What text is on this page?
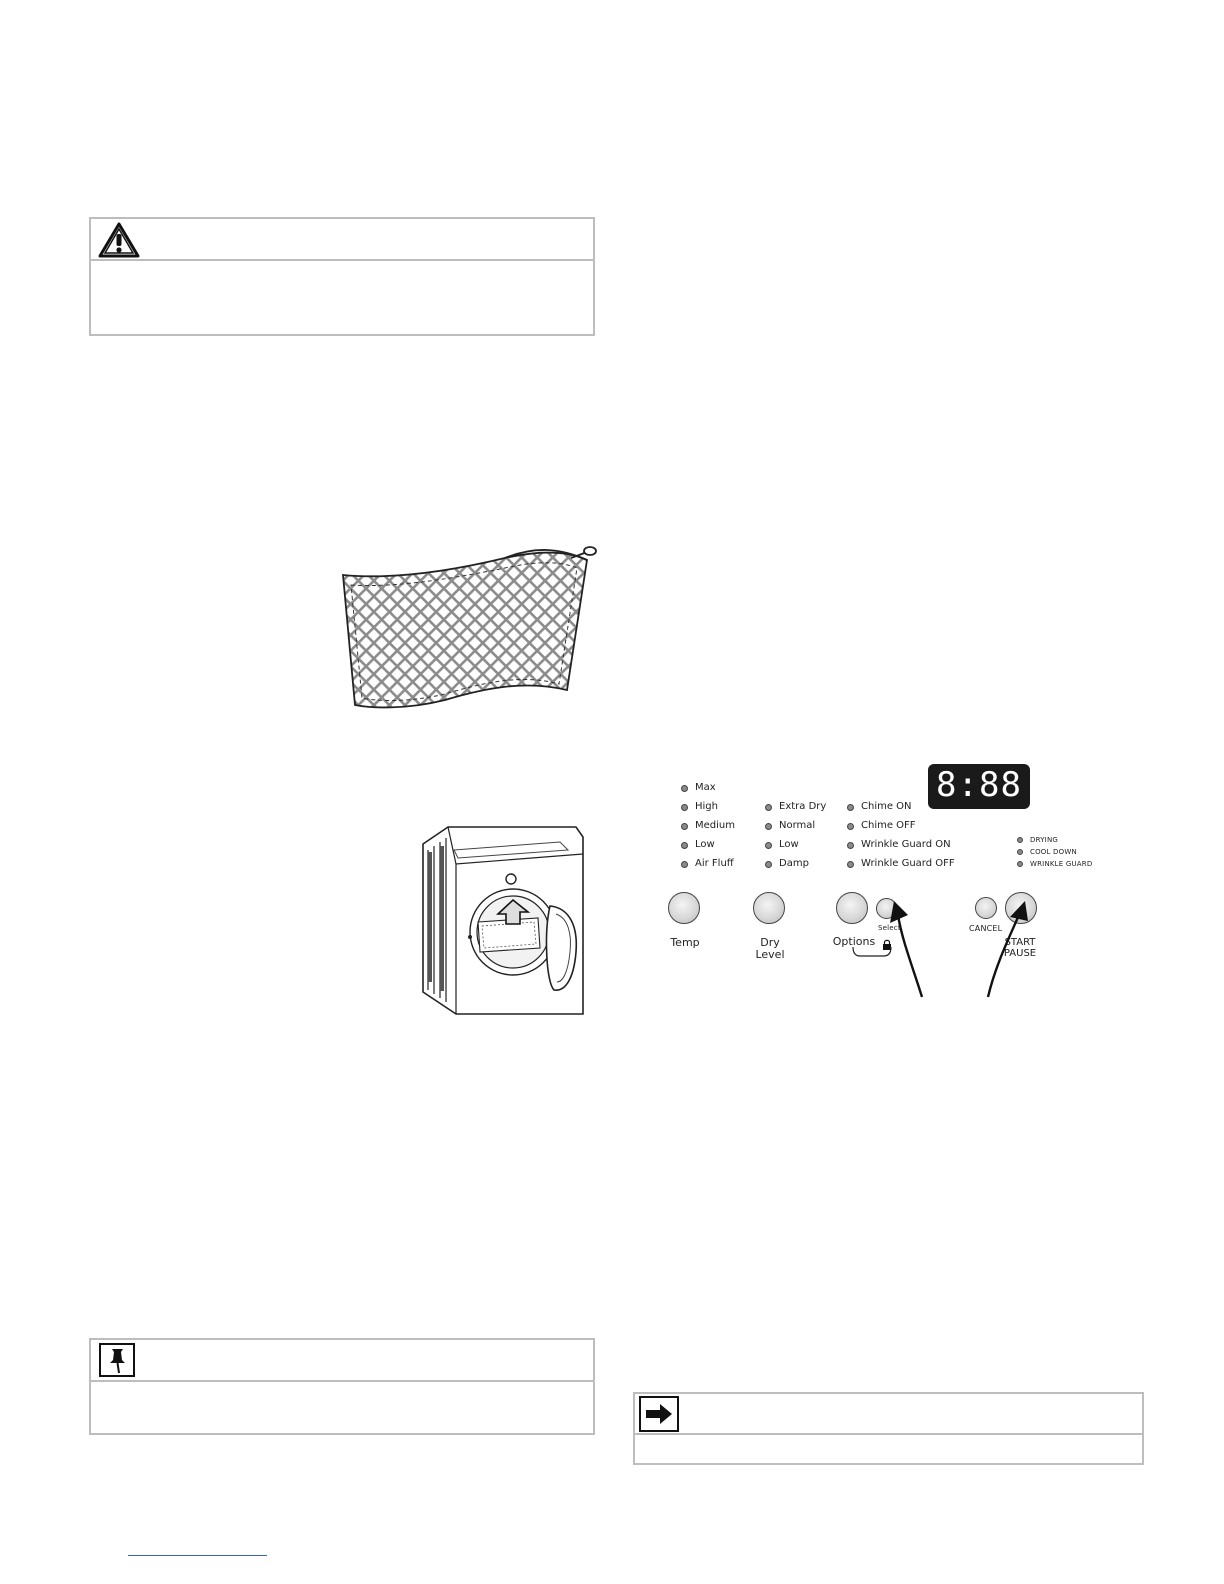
Max
High
Medium
Low
Air Fluff
Extra Dry
Normal
Low
Damp
Chime ON
Chime OFF
Wrinkle Guard ON
Wrinkle Guard OFF
8:88
DRYING
COOL DOWN
WRINKLE GUARD
Temp	Dry
Level
Options
Select	CANCEL
START
PAUSE
